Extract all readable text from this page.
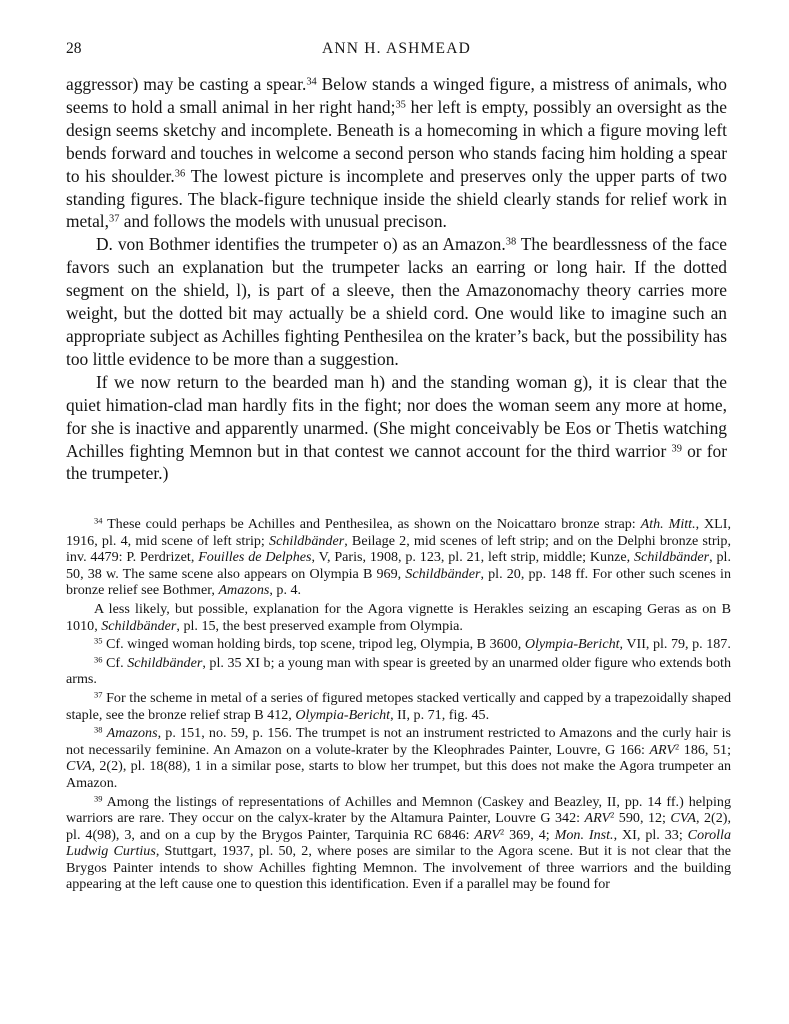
28	ANN H. ASHMEAD

aggressor) may be casting a spear.$^{34}$ Below stands a winged figure, a mistress of animals, who seems to hold a small animal in her right hand;$^{35}$ her left is empty, possibly an oversight as the design seems sketchy and incomplete. Beneath is a homecoming in which a figure moving left bends forward and touches in welcome a second person who stands facing him holding a spear to his shoulder.$^{36}$ The lowest picture is incomplete and preserves only the upper parts of two standing figures. The black-figure technique inside the shield clearly stands for relief work in metal,$^{37}$ and follows the models with unusual precison.

D. von Bothmer identifies the trumpeter o) as an Amazon.$^{38}$ The beardlessness of the face favors such an explanation but the trumpeter lacks an earring or long hair. If the dotted segment on the shield, l), is part of a sleeve, then the Amazonomachy theory carries more weight, but the dotted bit may actually be a shield cord. One would like to imagine such an appropriate subject as Achilles fighting Penthesilea on the krater’s back, but the possibility has too little evidence to be more than a suggestion.

If we now return to the bearded man h) and the standing woman g), it is clear that the quiet himation-clad man hardly fits in the fight; nor does the woman seem any more at home, for she is inactive and apparently unarmed. (She might conceivably be Eos or Thetis watching Achilles fighting Memnon but in that contest we cannot account for the third warrior $^{39}$ or for the trumpeter.)

$^{34}$ These could perhaps be Achilles and Penthesilea, as shown on the Noicattaro bronze strap: Ath. Mitt., XLI, 1916, pl. 4, mid scene of left strip; Schildbänder, Beilage 2, mid scenes of left strip; and on the Delphi bronze strip, inv. 4479: P. Perdrizet, Fouilles de Delphes, V, Paris, 1908, p. 123, pl. 21, left strip, middle; Kunze, Schildbänder, pl. 50, 38 w. The same scene also appears on Olympia B 969, Schildbänder, pl. 20, pp. 148 ff. For other such scenes in bronze relief see Bothmer, Amazons, p. 4.

A less likely, but possible, explanation for the Agora vignette is Herakles seizing an escaping Geras as on B 1010, Schildbänder, pl. 15, the best preserved example from Olympia.

$^{35}$ Cf. winged woman holding birds, top scene, tripod leg, Olympia, B 3600, Olympia-Bericht, VII, pl. 79, p. 187.

$^{36}$ Cf. Schildbänder, pl. 35 XI b; a young man with spear is greeted by an unarmed older figure who extends both arms.

$^{37}$ For the scheme in metal of a series of figured metopes stacked vertically and capped by a trapezoidally shaped staple, see the bronze relief strap B 412, Olympia-Bericht, II, p. 71, fig. 45.

$^{38}$ Amazons, p. 151, no. 59, p. 156. The trumpet is not an instrument restricted to Amazons and the curly hair is not necessarily feminine. An Amazon on a volute-krater by the Kleophrades Painter, Louvre, G 166: ARV$^2$ 186, 51; CVA, 2(2), pl. 18(88), 1 in a similar pose, starts to blow her trumpet, but this does not make the Agora trumpeter an Amazon.

$^{39}$ Among the listings of representations of Achilles and Memnon (Caskey and Beazley, II, pp. 14 ff.) helping warriors are rare. They occur on the calyx-krater by the Altamura Painter, Louvre G 342: ARV$^2$ 590, 12; CVA, 2(2), pl. 4(98), 3, and on a cup by the Brygos Painter, Tarquinia RC 6846: ARV$^2$ 369, 4; Mon. Inst., XI, pl. 33; Corolla Ludwig Curtius, Stuttgart, 1937, pl. 50, 2, where poses are similar to the Agora scene. But it is not clear that the Brygos Painter intends to show Achilles fighting Memnon. The involvement of three warriors and the building appearing at the left cause one to question this identification. Even if a parallel may be found for
